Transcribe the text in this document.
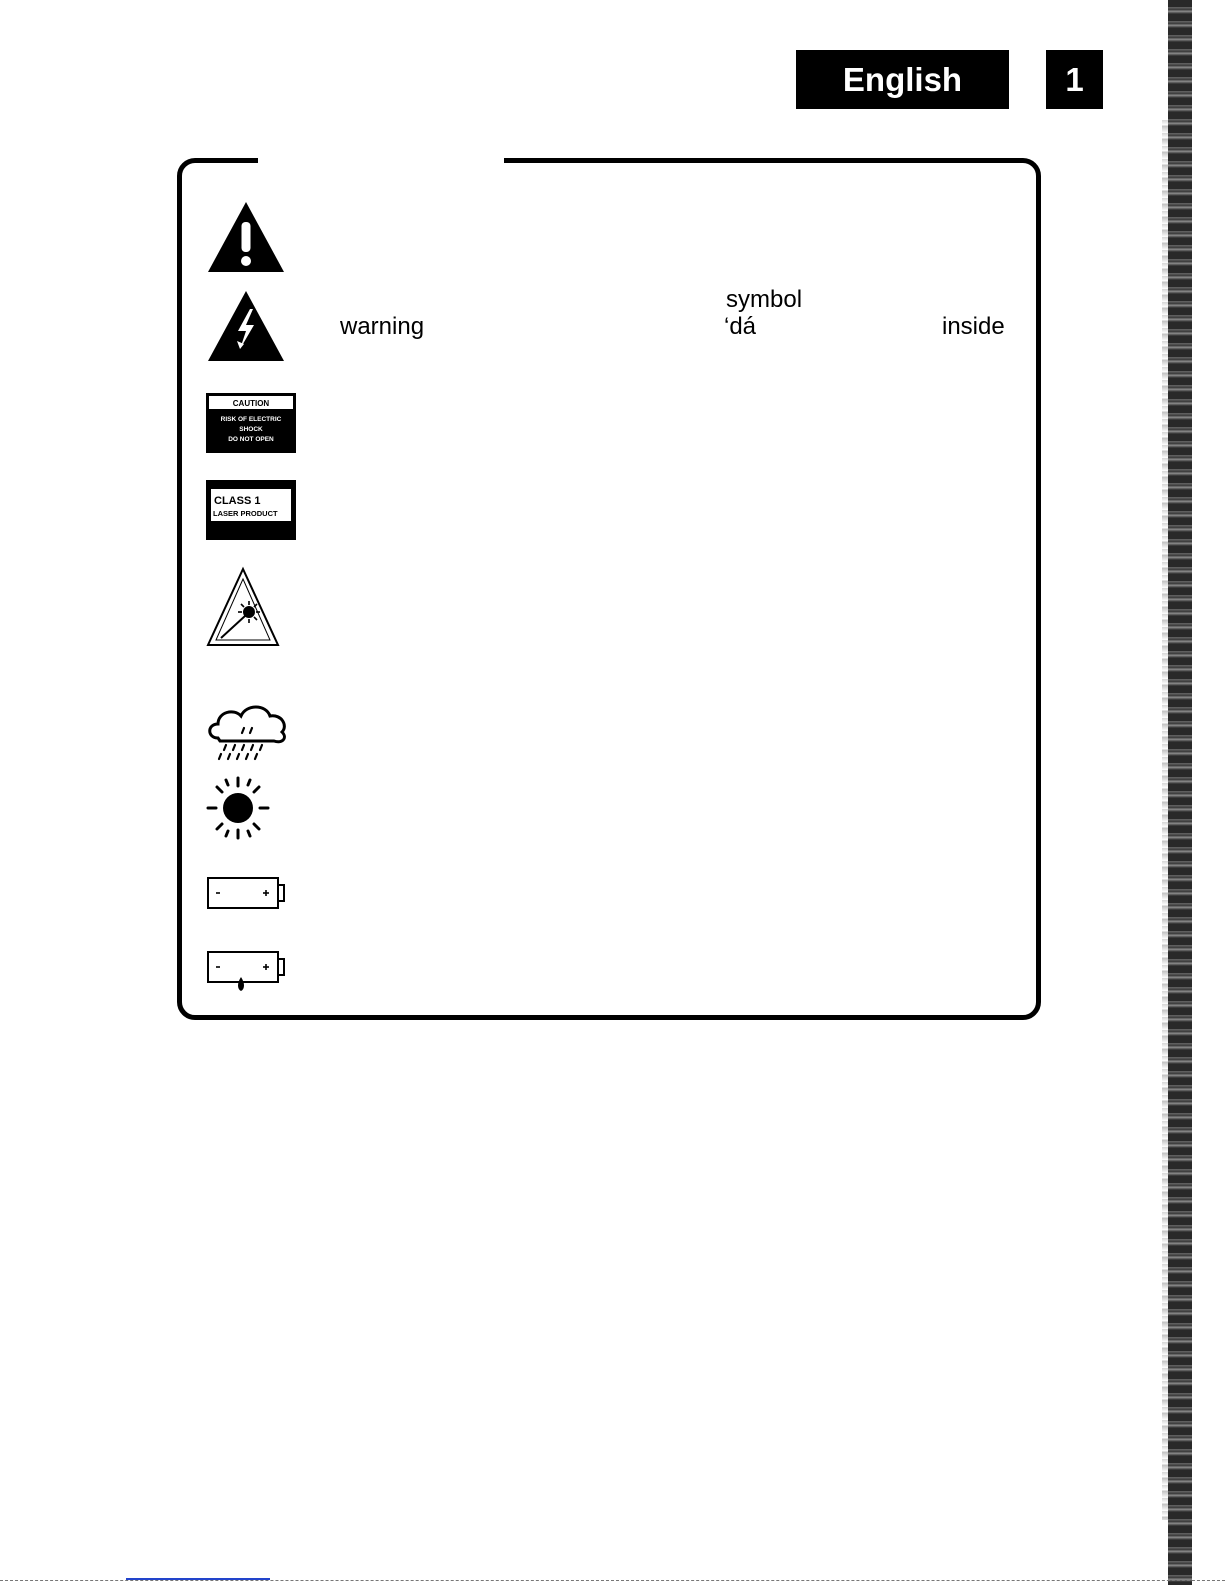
English	1
symbol
warning	‘dá	inside
CAUTION
RISK OF ELECTRIC
SHOCK
DO NOT OPEN
CLASS 1
LASER PRODUCT
